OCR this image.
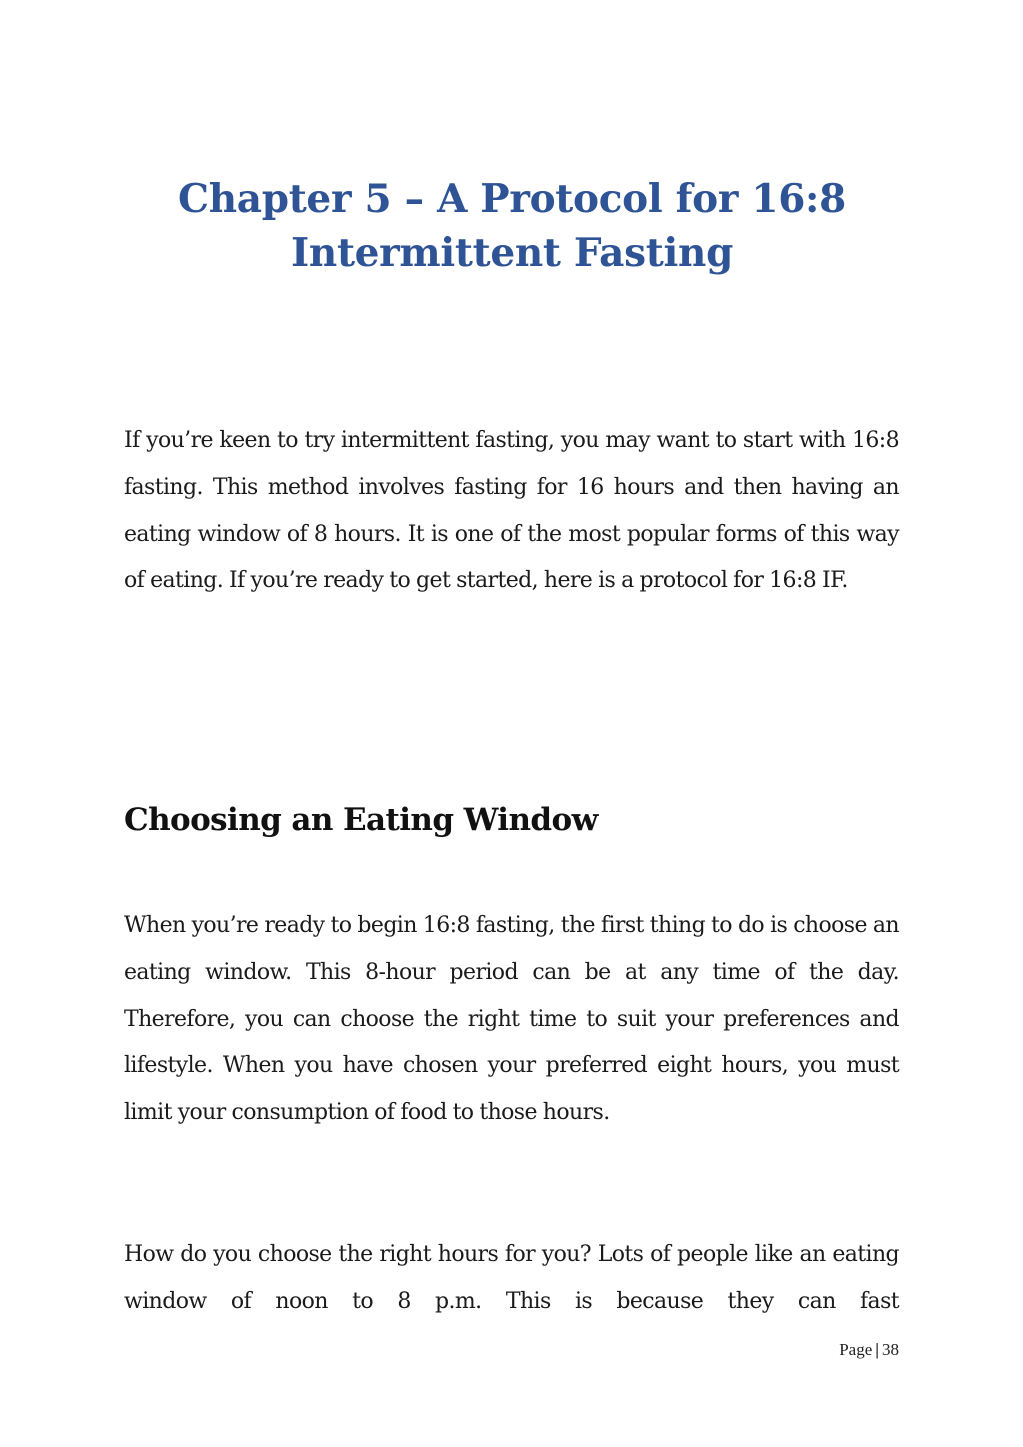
Chapter 5 – A Protocol for 16:8
Intermittent Fasting

If you’re keen to try intermittent fasting, you may want to start with 16:8 fasting. This method involves fasting for 16 hours and then having an eating window of 8 hours. It is one of the most popular forms of this way of eating. If you’re ready to get started, here is a protocol for 16:8 IF.

Choosing an Eating Window

When you’re ready to begin 16:8 fasting, the first thing to do is choose an eating window. This 8-hour period can be at any time of the day. Therefore, you can choose the right time to suit your preferences and lifestyle. When you have chosen your preferred eight hours, you must limit your consumption of food to those hours.

How do you choose the right hours for you? Lots of people like an eating window of noon to 8 p.m. This is because they can fast

Page | 38
